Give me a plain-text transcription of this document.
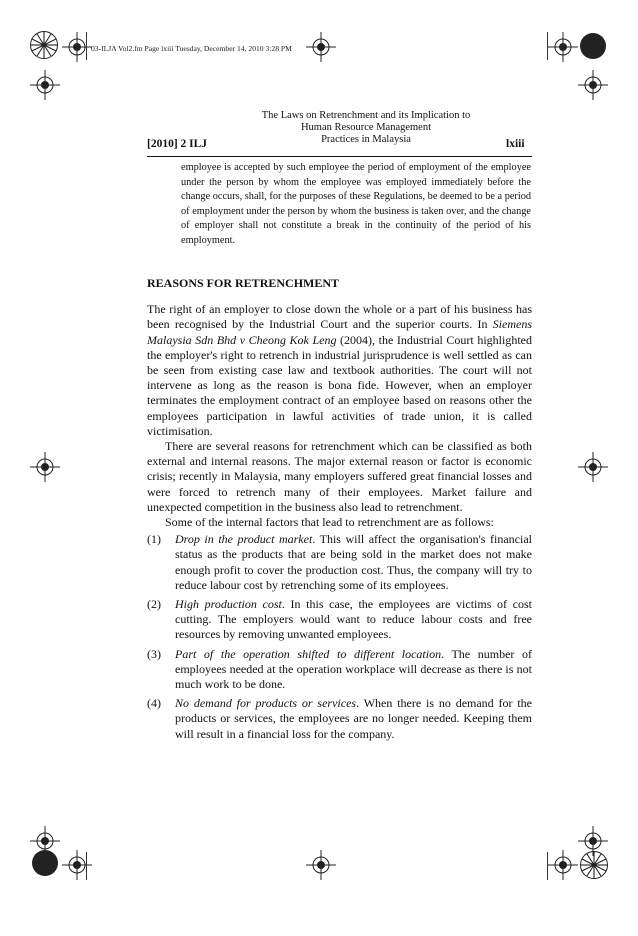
03-ILJA Vol2.fm Page lxiii Tuesday, December 14, 2010 3:28 PM
The Laws on Retrenchment and its Implication to
Human Resource Management
Practices in Malaysia
[2010] 2 ILJ	lxiii
employee is accepted by such employee the period of employment of the employee under the person by whom the employee was employed immediately before the change occurs, shall, for the purposes of these Regulations, be deemed to be a period of employment under the person by whom the business is taken over, and the change of employer shall not constitute a break in the continuity of the period of his employment.
REASONS FOR RETRENCHMENT

The right of an employer to close down the whole or a part of his business has been recognised by the Industrial Court and the superior courts. In Siemens Malaysia Sdn Bhd v Cheong Kok Leng (2004), the Industrial Court highlighted the employer's right to retrench in industrial jurisprudence is well settled as can be seen from existing case law and textbook authorities. The court will not intervene as long as the reason is bona fide. However, when an employer terminates the employment contract of an employee based on reasons other the employees participation in lawful activities of trade union, it is called victimisation.

There are several reasons for retrenchment which can be classified as both external and internal reasons. The major external reason or factor is economic crisis; recently in Malaysia, many employers suffered great financial losses and were forced to retrench many of their employees. Market failure and unexpected competition in the business also lead to retrenchment.

Some of the internal factors that lead to retrenchment are as follows:

(1)	Drop in the product market. This will affect the organisation's financial status as the products that are being sold in the market does not make enough profit to cover the production cost. Thus, the company will try to reduce labour cost by retrenching some of its employees.
(2)	High production cost. In this case, the employees are victims of cost cutting. The employers would want to reduce labour costs and free resources by removing unwanted employees.
(3)	Part of the operation shifted to different location. The number of employees needed at the operation workplace will decrease as there is not much work to be done.
(4)	No demand for products or services. When there is no demand for the products or services, the employees are no longer needed. Keeping them will result in a financial loss for the company.
